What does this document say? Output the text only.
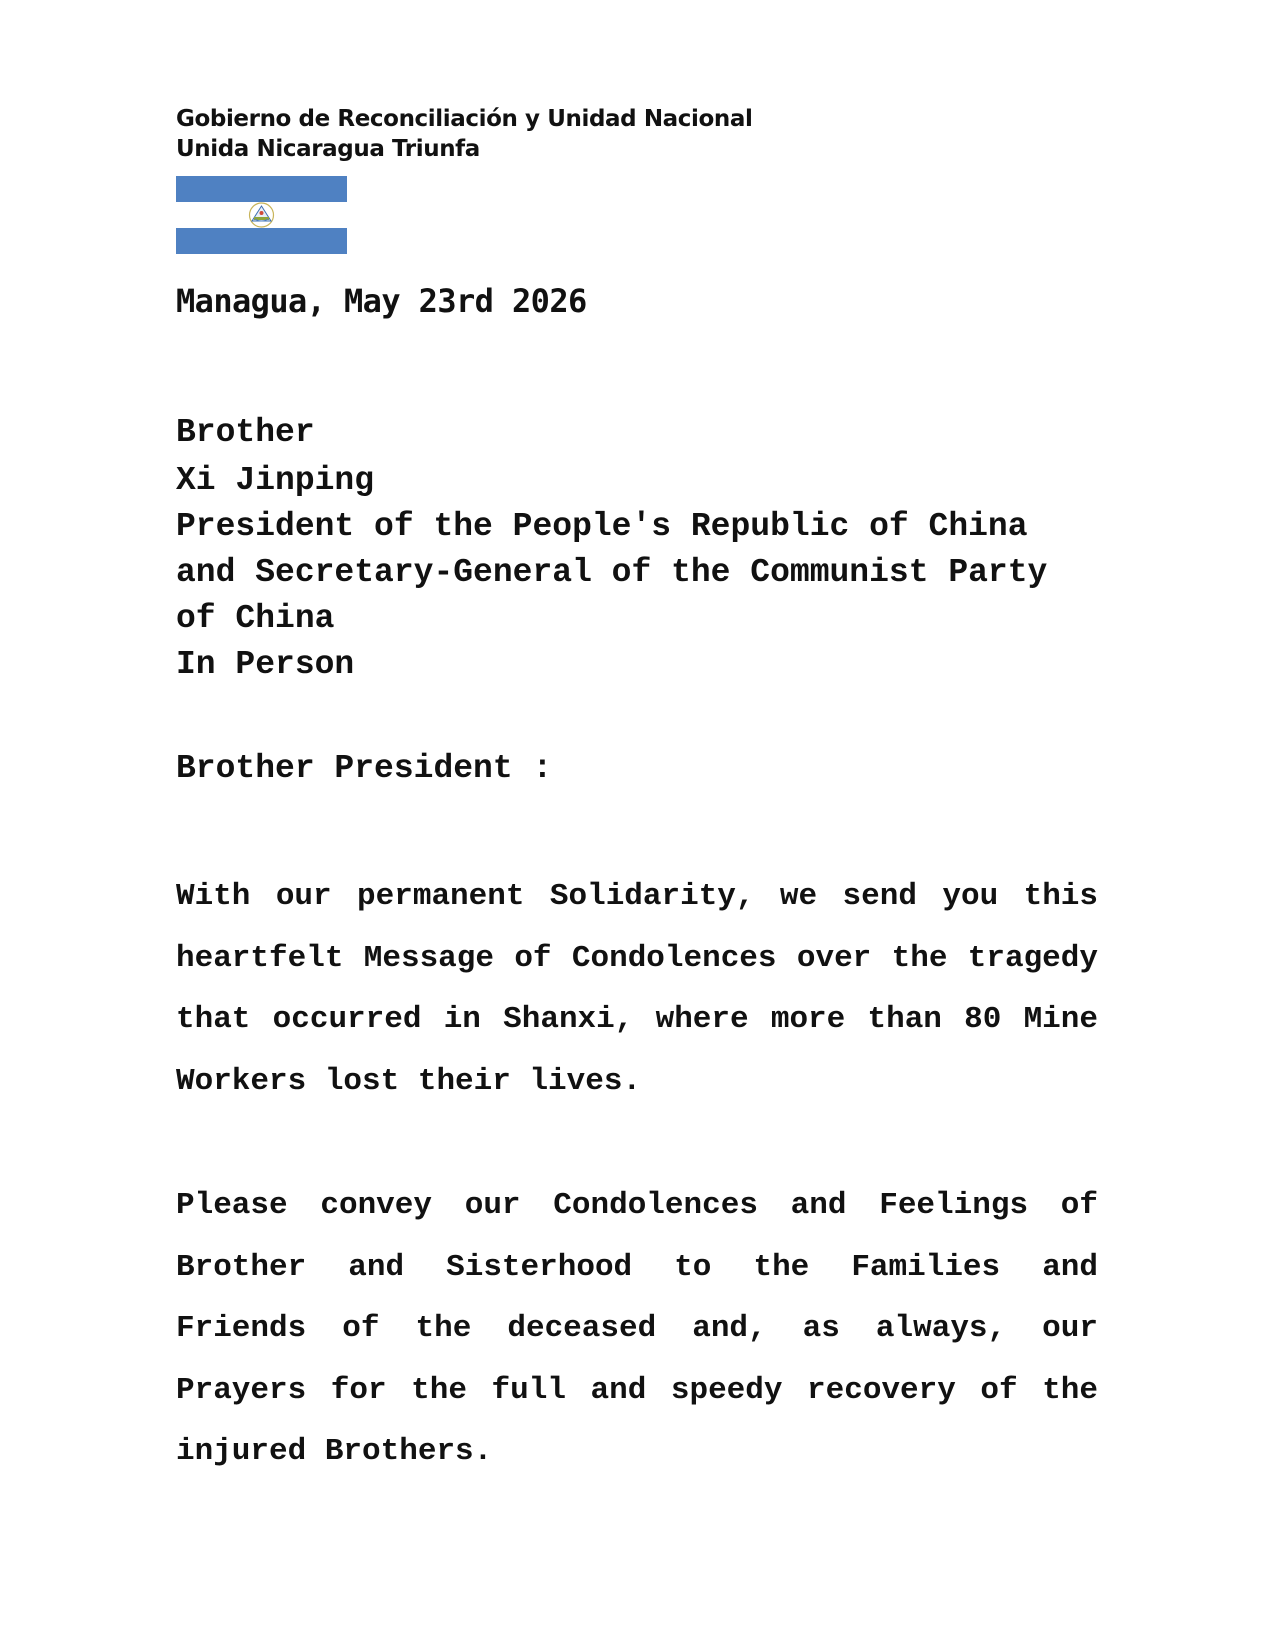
Gobierno de Reconciliación y Unidad Nacional
Unida Nicaragua Triunfa
Managua, May 23rd 2026
Brother
Xi Jinping
President of the People's Republic of China
and Secretary-General of the Communist Party
of China
In Person
Brother President :

With our permanent Solidarity, we send you this heartfelt Message of Condolences over the tragedy that occurred in Shanxi, where more than 80 Mine Workers lost their lives.

Please convey our Condolences and Feelings of Brother and Sisterhood to the Families and Friends of the deceased and, as always, our Prayers for the full and speedy recovery of the injured Brothers.
